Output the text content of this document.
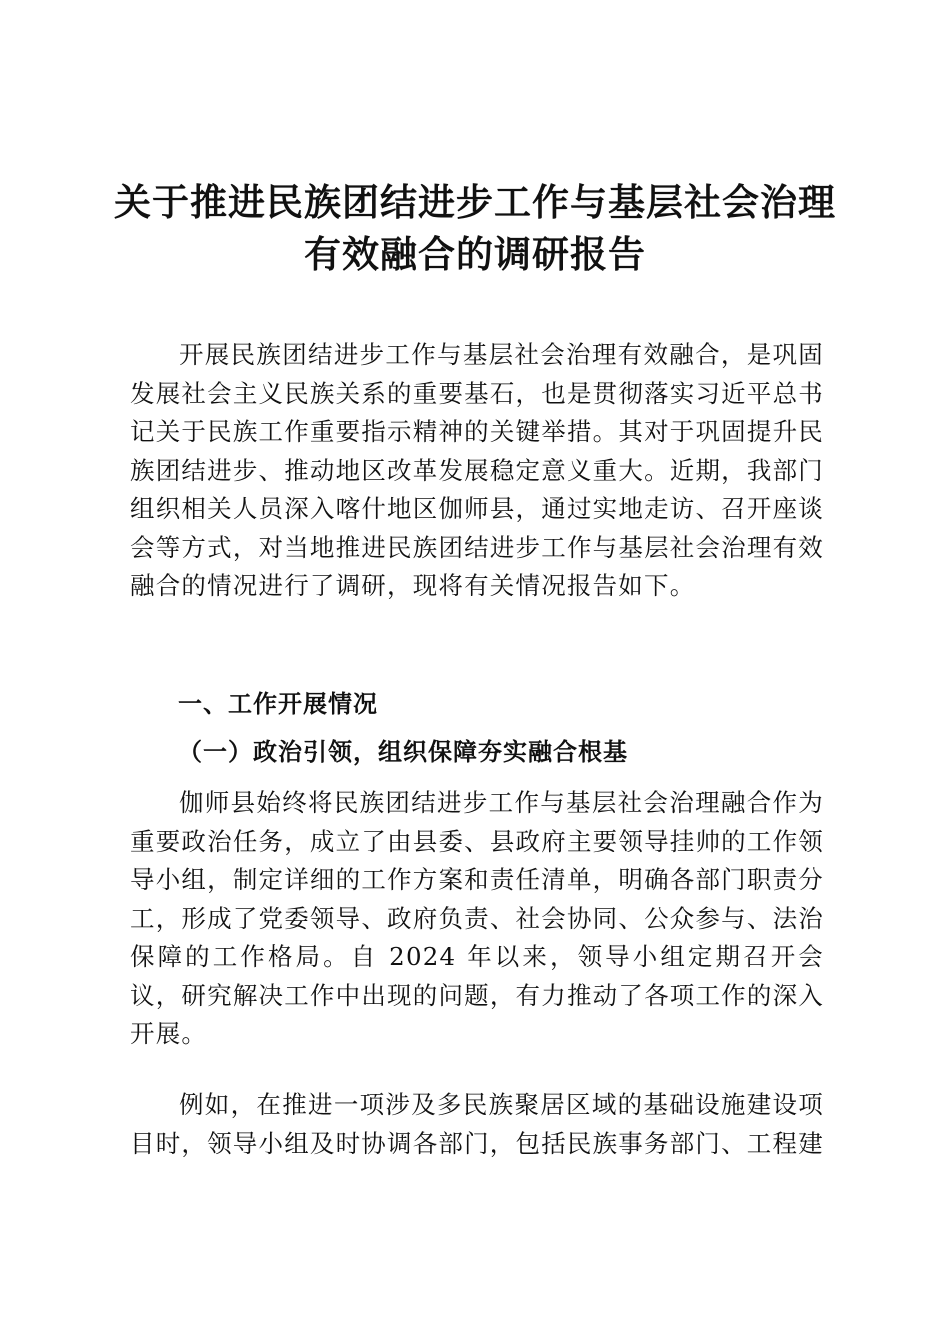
关于推进民族团结进步工作与基层社会治理有效融合的调研报告

开展民族团结进步工作与基层社会治理有效融合，是巩固发展社会主义民族关系的重要基石，也是贯彻落实习近平总书记关于民族工作重要指示精神的关键举措。其对于巩固提升民族团结进步、推动地区改革发展稳定意义重大。近期，我部门组织相关人员深入喀什地区伽师县，通过实地走访、召开座谈会等方式，对当地推进民族团结进步工作与基层社会治理有效融合的情况进行了调研，现将有关情况报告如下。

一、工作开展情况
（一）政治引领，组织保障夯实融合根基

伽师县始终将民族团结进步工作与基层社会治理融合作为重要政治任务，成立了由县委、县政府主要领导挂帅的工作领导小组，制定详细的工作方案和责任清单，明确各部门职责分工，形成了党委领导、政府负责、社会协同、公众参与、法治保障的工作格局。自 2024 年以来，领导小组定期召开会议，研究解决工作中出现的问题，有力推动了各项工作的深入开展。

例如，在推进一项涉及多民族聚居区域的基础设施建设项目时，领导小组及时协调各部门，包括民族事务部门、工程建
